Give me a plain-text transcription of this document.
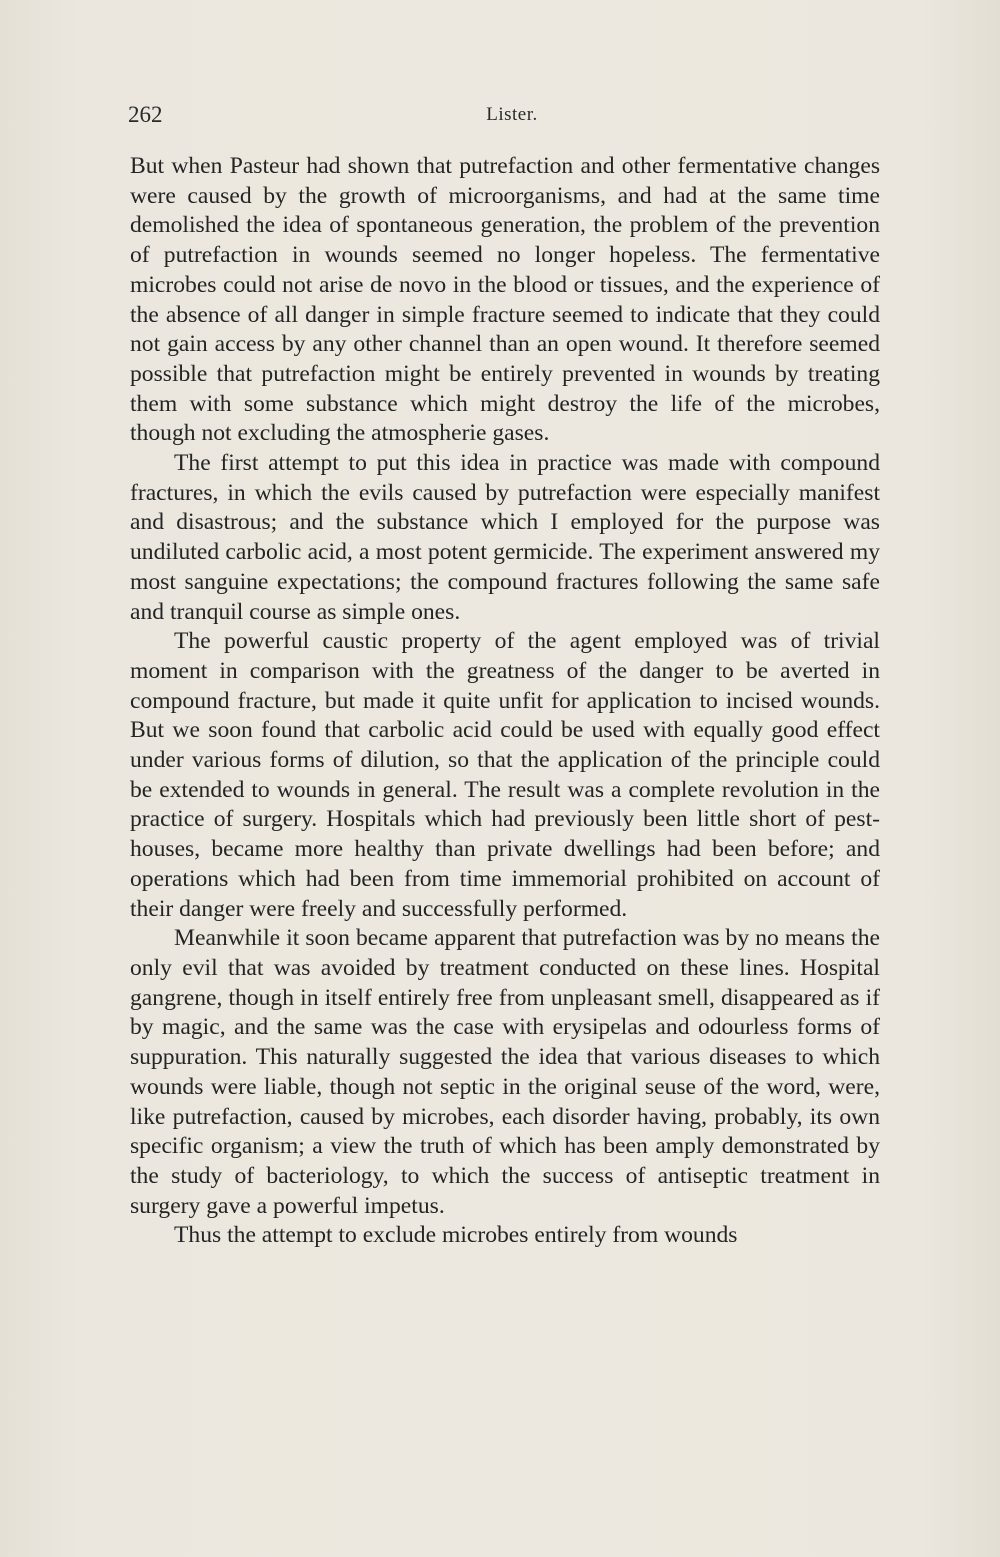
262	Lister.

But when Pasteur had shown that putrefaction and other fermentative changes were caused by the growth of microorganisms, and had at the same time demolished the idea of spontaneous generation, the problem of the prevention of putrefaction in wounds seemed no longer hopeless. The fermentative microbes could not arise de novo in the blood or tissues, and the experience of the absence of all danger in simple fracture seemed to indicate that they could not gain access by any other channel than an open wound. It therefore seemed possible that putrefaction might be entirely prevented in wounds by treating them with some substance which might destroy the life of the microbes, though not excluding the atmospherie gases.

The first attempt to put this idea in practice was made with compound fractures, in which the evils caused by putrefaction were especially manifest and disastrous; and the substance which I employed for the purpose was undiluted carbolic acid, a most potent germicide. The experiment answered my most sanguine expectations; the compound fractures following the same safe and tranquil course as simple ones.

The powerful caustic property of the agent employed was of trivial moment in comparison with the greatness of the danger to be averted in compound fracture, but made it quite unfit for application to incised wounds. But we soon found that carbolic acid could be used with equally good effect under various forms of dilution, so that the application of the principle could be extended to wounds in general. The result was a complete revolution in the practice of surgery. Hospitals which had previously been little short of pest-houses, became more healthy than private dwellings had been before; and operations which had been from time immemorial prohibited on account of their danger were freely and successfully performed.

Meanwhile it soon became apparent that putrefaction was by no means the only evil that was avoided by treatment conducted on these lines. Hospital gangrene, though in itself entirely free from unpleasant smell, disappeared as if by magic, and the same was the case with erysipelas and odourless forms of suppuration. This naturally suggested the idea that various diseases to which wounds were liable, though not septic in the original seuse of the word, were, like putrefaction, caused by microbes, each disorder having, probably, its own specific organism; a view the truth of which has been amply demonstrated by the study of bacteriology, to which the success of antiseptic treatment in surgery gave a powerful impetus.

Thus the attempt to exclude microbes entirely from wounds
